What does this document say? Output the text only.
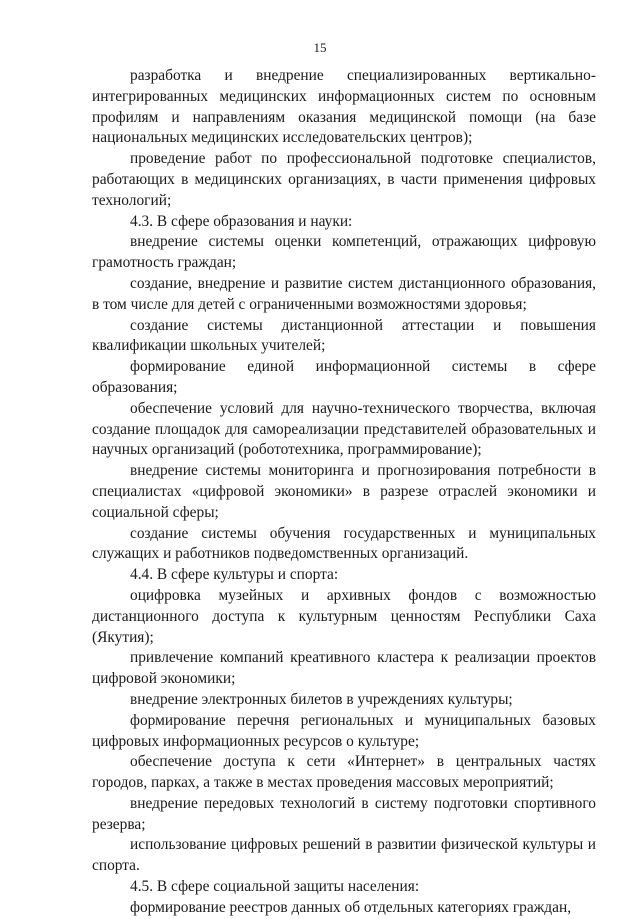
15

разработка и внедрение специализированных вертикально-интегрированных медицинских информационных систем по основным профилям и направлениям оказания медицинской помощи (на базе национальных медицинских исследовательских центров);

проведение работ по профессиональной подготовке специалистов, работающих в медицинских организациях, в части применения цифровых технологий;

4.3. В сфере образования и науки:

внедрение системы оценки компетенций, отражающих цифровую грамотность граждан;

создание, внедрение и развитие систем дистанционного образования, в том числе для детей с ограниченными возможностями здоровья;

создание системы дистанционной аттестации и повышения квалификации школьных учителей;

формирование единой информационной системы в сфере образования;

обеспечение условий для научно-технического творчества, включая создание площадок для самореализации представителей образовательных и научных организаций (робототехника, программирование);

внедрение системы мониторинга и прогнозирования потребности в специалистах «цифровой экономики» в разрезе отраслей экономики и социальной сферы;

создание системы обучения государственных и муниципальных служащих и работников подведомственных организаций.

4.4. В сфере культуры и спорта:

оцифровка музейных и архивных фондов с возможностью дистанционного доступа к культурным ценностям Республики Саха (Якутия);

привлечение компаний креативного кластера к реализации проектов цифровой экономики;

внедрение электронных билетов в учреждениях культуры;

формирование перечня региональных и муниципальных базовых цифровых информационных ресурсов о культуре;

обеспечение доступа к сети «Интернет» в центральных частях городов, парках, а также в местах проведения массовых мероприятий;

внедрение передовых технологий в систему подготовки спортивного резерва;

использование цифровых решений в развитии физической культуры и спорта.

4.5. В сфере социальной защиты населения:

формирование реестров данных об отдельных категориях граждан,
